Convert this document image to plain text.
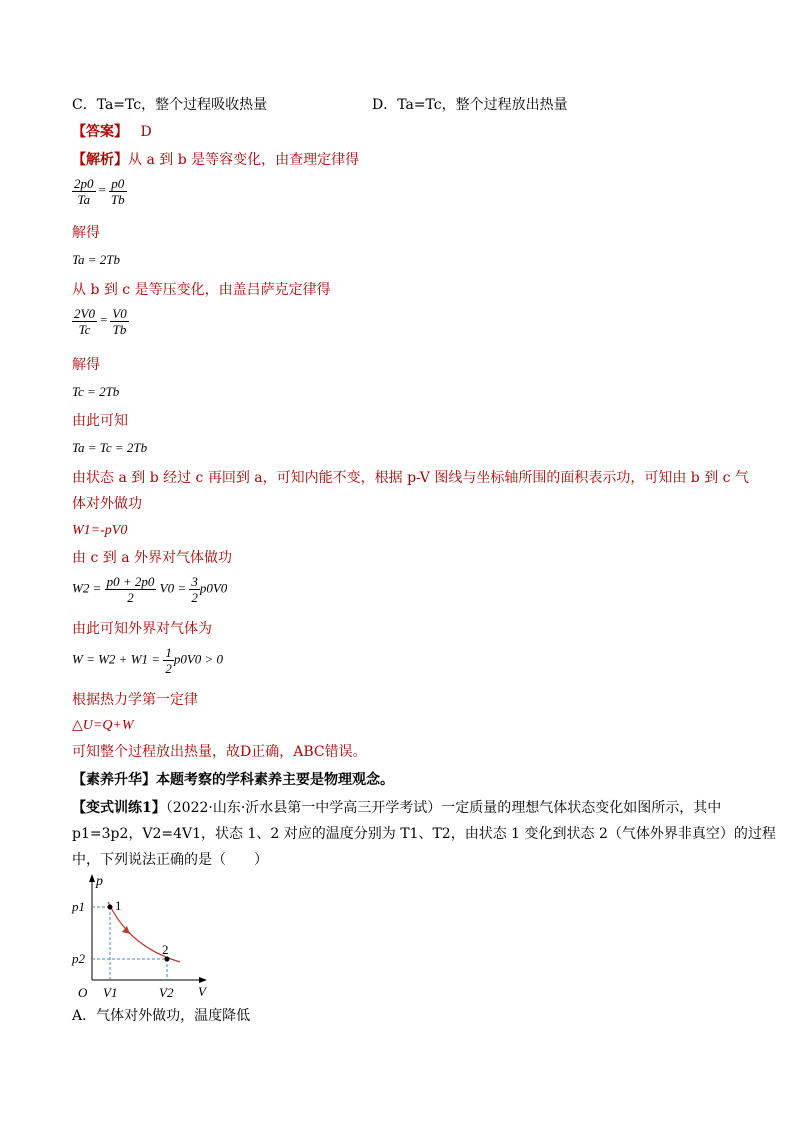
C．Ta=Tc，整个过程吸收热量	D．Ta=Tc，整个过程放出热量
【答案】 D
【解析】从 a 到 b 是等容变化，由查理定律得
$\frac{2p0}{Ta} = \frac{p0}{Tb}$
解得
Ta = 2Tb
从 b 到 c 是等压变化，由盖吕萨克定律得
$\frac{2V0}{Tc} = \frac{V0}{Tb}$
解得
Tc = 2Tb
由此可知
Ta = Tc = 2Tb
由状态 a 到 b 经过 c 再回到 a，可知内能不变，根据 p-V 图线与坐标轴所围的面积表示功，可知由 b 到 c 气
体对外做功
W1=-pV0
由 c 到 a 外界对气体做功
$W2 = \frac{p0 + 2p0}{2} V0 = \frac{3}{2} p0V0$
由此可知外界对气体为
$W = W2 + W1 = \frac{1}{2} p0V0 > 0$
根据热力学第一定律
△U=Q+W
可知整个过程放出热量，故D正确，ABC错误。
【素养升华】本题考察的学科素养主要是物理观念。
【变式训练1】（2022·山东·沂水县第一中学高三开学考试）一定质量的理想气体状态变化如图所示，其中
p1=3p2，V2=4V1，状态 1、2 对应的温度分别为 T1、T2，由状态 1 变化到状态 2（气体外界非真空）的过程
中，下列说法正确的是（　　）
p
V
O
p1
p2
V1	V2
1
2
A．气体对外做功，温度降低
